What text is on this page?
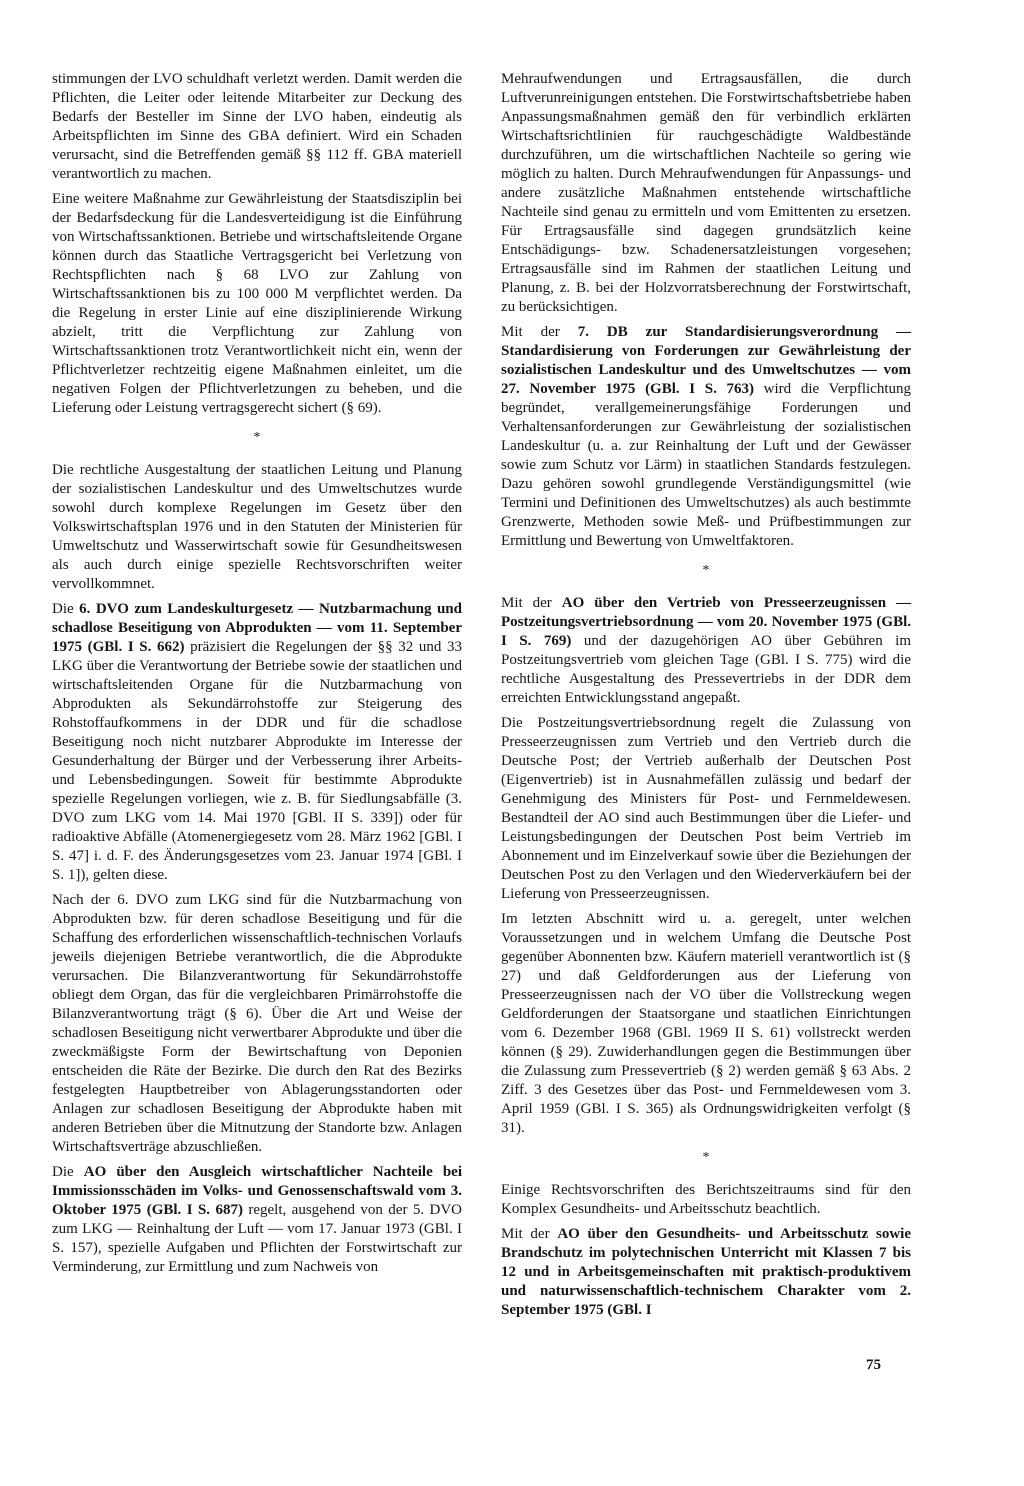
stimmungen der LVO schuldhaft verletzt werden. Damit werden die Pflichten, die Leiter oder leitende Mitarbeiter zur Deckung des Bedarfs der Besteller im Sinne der LVO haben, eindeutig als Arbeitspflichten im Sinne des GBA definiert. Wird ein Schaden verursacht, sind die Betreffenden gemäß §§ 112 ff. GBA materiell verantwortlich zu machen.

Eine weitere Maßnahme zur Gewährleistung der Staatsdisziplin bei der Bedarfsdeckung für die Landesverteidigung ist die Einführung von Wirtschaftssanktionen. Betriebe und wirtschaftsleitende Organe können durch das Staatliche Vertragsgericht bei Verletzung von Rechtspflichten nach § 68 LVO zur Zahlung von Wirtschaftssanktionen bis zu 100 000 M verpflichtet werden. Da die Regelung in erster Linie auf eine disziplinierende Wirkung abzielt, tritt die Verpflichtung zur Zahlung von Wirtschaftssanktionen trotz Verantwortlichkeit nicht ein, wenn der Pflichtverletzer rechtzeitig eigene Maßnahmen einleitet, um die negativen Folgen der Pflichtverletzungen zu beheben, und die Lieferung oder Leistung vertragsgerecht sichert (§ 69).

*

Die rechtliche Ausgestaltung der staatlichen Leitung und Planung der sozialistischen Landeskultur und des Umweltschutzes wurde sowohl durch komplexe Regelungen im Gesetz über den Volkswirtschaftsplan 1976 und in den Statuten der Ministerien für Umweltschutz und Wasserwirtschaft sowie für Gesundheitswesen als auch durch einige spezielle Rechtsvorschriften weiter vervollkommnet.

Die 6. DVO zum Landeskulturgesetz — Nutzbarmachung und schadlose Beseitigung von Abprodukten — vom 11. September 1975 (GBl. I S. 662) präzisiert die Regelungen der §§ 32 und 33 LKG über die Verantwortung der Betriebe sowie der staatlichen und wirtschaftsleitenden Organe für die Nutzbarmachung von Abprodukten als Sekundärrohstoffe zur Steigerung des Rohstoffaufkommens in der DDR und für die schadlose Beseitigung noch nicht nutzbarer Abprodukte im Interesse der Gesunderhaltung der Bürger und der Verbesserung ihrer Arbeits- und Lebensbedingungen. Soweit für bestimmte Abprodukte spezielle Regelungen vorliegen, wie z. B. für Siedlungsabfälle (3. DVO zum LKG vom 14. Mai 1970 [GBl. II S. 339]) oder für radioaktive Abfälle (Atomenergiegesetz vom 28. März 1962 [GBl. I S. 47] i. d. F. des Änderungsgesetzes vom 23. Januar 1974 [GBl. I S. 1]), gelten diese.

Nach der 6. DVO zum LKG sind für die Nutzbarmachung von Abprodukten bzw. für deren schadlose Beseitigung und für die Schaffung des erforderlichen wissenschaftlich-technischen Vorlaufs jeweils diejenigen Betriebe verantwortlich, die die Abprodukte verursachen. Die Bilanzverantwortung für Sekundärrohstoffe obliegt dem Organ, das für die vergleichbaren Primärrohstoffe die Bilanzverantwortung trägt (§ 6). Über die Art und Weise der schadlosen Beseitigung nicht verwertbarer Abprodukte und über die zweckmäßigste Form der Bewirtschaftung von Deponien entscheiden die Räte der Bezirke. Die durch den Rat des Bezirks festgelegten Hauptbetreiber von Ablagerungsstandorten oder Anlagen zur schadlosen Beseitigung der Abprodukte haben mit anderen Betrieben über die Mitnutzung der Standorte bzw. Anlagen Wirtschaftsverträge abzuschließen.

Die AO über den Ausgleich wirtschaftlicher Nachteile bei Immissionsschäden im Volks- und Genossenschaftswald vom 3. Oktober 1975 (GBl. I S. 687) regelt, ausgehend von der 5. DVO zum LKG — Reinhaltung der Luft — vom 17. Januar 1973 (GBl. I S. 157), spezielle Aufgaben und Pflichten der Forstwirtschaft zur Verminderung, zur Ermittlung und zum Nachweis von

Mehraufwendungen und Ertragsausfällen, die durch Luftverunreinigungen entstehen. Die Forstwirtschaftsbetriebe haben Anpassungsmaßnahmen gemäß den für verbindlich erklärten Wirtschaftsrichtlinien für rauchgeschädigte Waldbestände durchzuführen, um die wirtschaftlichen Nachteile so gering wie möglich zu halten. Durch Mehraufwendungen für Anpassungs- und andere zusätzliche Maßnahmen entstehende wirtschaftliche Nachteile sind genau zu ermitteln und vom Emittenten zu ersetzen. Für Ertragsausfälle sind dagegen grundsätzlich keine Entschädigungs- bzw. Schadenersatzleistungen vorgesehen; Ertragsausfälle sind im Rahmen der staatlichen Leitung und Planung, z. B. bei der Holzvorratsberechnung der Forstwirtschaft, zu berücksichtigen.

Mit der 7. DB zur Standardisierungsverordnung — Standardisierung von Forderungen zur Gewährleistung der sozialistischen Landeskultur und des Umweltschutzes — vom 27. November 1975 (GBl. I S. 763) wird die Verpflichtung begründet, verallgemeinerungsfähige Forderungen und Verhaltensanforderungen zur Gewährleistung der sozialistischen Landeskultur (u. a. zur Reinhaltung der Luft und der Gewässer sowie zum Schutz vor Lärm) in staatlichen Standards festzulegen. Dazu gehören sowohl grundlegende Verständigungsmittel (wie Termini und Definitionen des Umweltschutzes) als auch bestimmte Grenzwerte, Methoden sowie Meß- und Prüfbestimmungen zur Ermittlung und Bewertung von Umweltfaktoren.

*

Mit der AO über den Vertrieb von Presseerzeugnissen — Postzeitungsvertriebsordnung — vom 20. November 1975 (GBl. I S. 769) und der dazugehörigen AO über Gebühren im Postzeitungsvertrieb vom gleichen Tage (GBl. I S. 775) wird die rechtliche Ausgestaltung des Pressevertriebs in der DDR dem erreichten Entwicklungsstand angepaßt.

Die Postzeitungsvertriebsordnung regelt die Zulassung von Presseerzeugnissen zum Vertrieb und den Vertrieb durch die Deutsche Post; der Vertrieb außerhalb der Deutschen Post (Eigenvertrieb) ist in Ausnahmefällen zulässig und bedarf der Genehmigung des Ministers für Post- und Fernmeldewesen. Bestandteil der AO sind auch Bestimmungen über die Liefer- und Leistungsbedingungen der Deutschen Post beim Vertrieb im Abonnement und im Einzelverkauf sowie über die Beziehungen der Deutschen Post zu den Verlagen und den Wiederverkäufern bei der Lieferung von Presseerzeugnissen.

Im letzten Abschnitt wird u. a. geregelt, unter welchen Voraussetzungen und in welchem Umfang die Deutsche Post gegenüber Abonnenten bzw. Käufern materiell verantwortlich ist (§ 27) und daß Geldforderungen aus der Lieferung von Presseerzeugnissen nach der VO über die Vollstreckung wegen Geldforderungen der Staatsorgane und staatlichen Einrichtungen vom 6. Dezember 1968 (GBl. 1969 II S. 61) vollstreckt werden können (§ 29). Zuwiderhandlungen gegen die Bestimmungen über die Zulassung zum Pressevertrieb (§ 2) werden gemäß § 63 Abs. 2 Ziff. 3 des Gesetzes über das Post- und Fernmeldewesen vom 3. April 1959 (GBl. I S. 365) als Ordnungswidrigkeiten verfolgt (§ 31).

*

Einige Rechtsvorschriften des Berichtszeitraums sind für den Komplex Gesundheits- und Arbeitsschutz beachtlich.

Mit der AO über den Gesundheits- und Arbeitsschutz sowie Brandschutz im polytechnischen Unterricht mit Klassen 7 bis 12 und in Arbeitsgemeinschaften mit praktisch-produktivem und naturwissenschaftlich-technischem Charakter vom 2. September 1975 (GBl. I

75
